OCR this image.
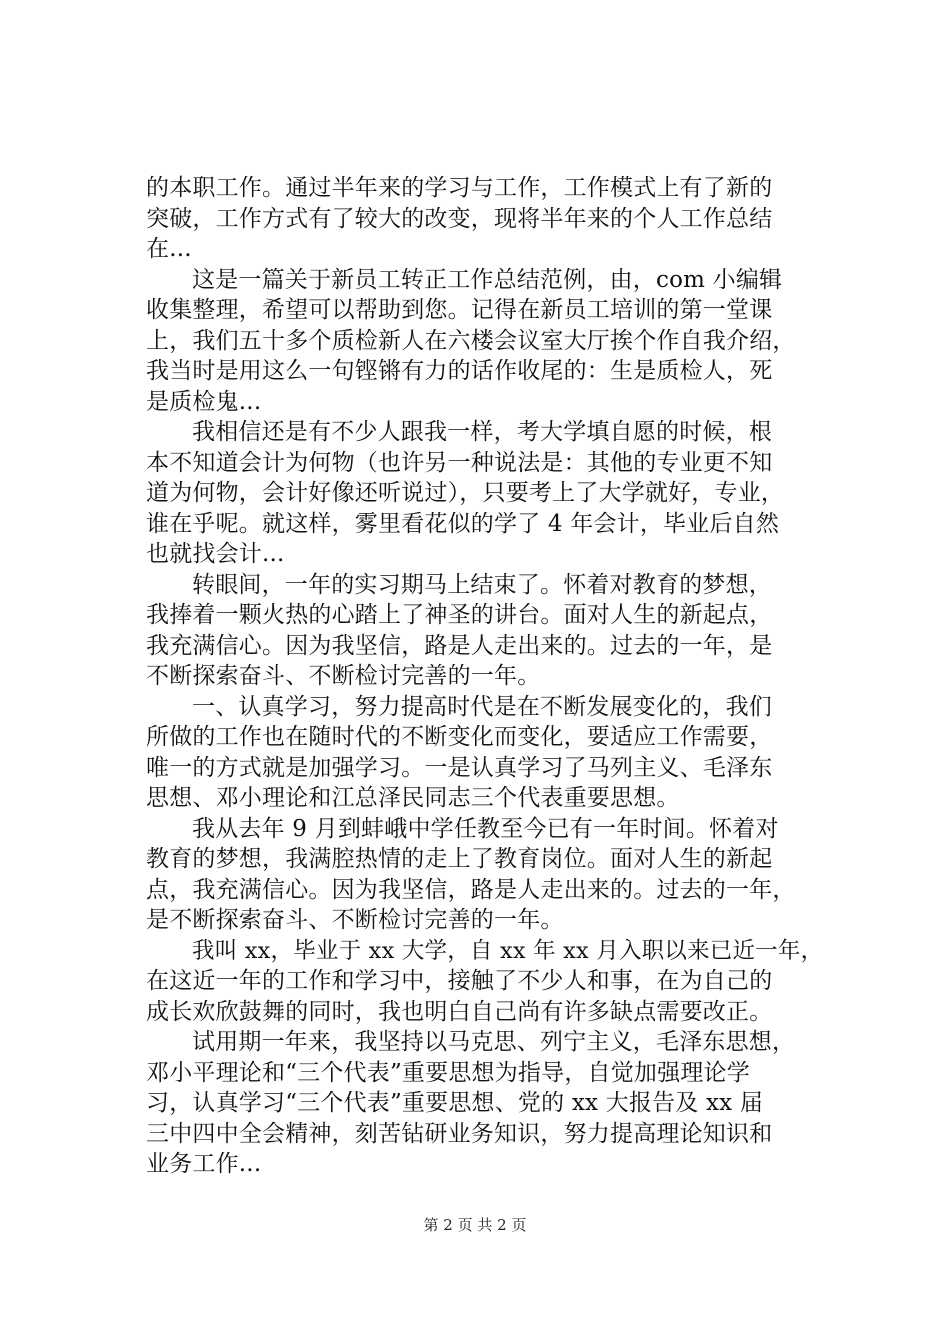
的本职工作。通过半年来的学习与工作，工作模式上有了新的
突破，工作方式有了较大的改变，现将半年来的个人工作总结
在...
这是一篇关于新员工转正工作总结范例，由，com 小编辑
收集整理，希望可以帮助到您。记得在新员工培训的第一堂课
上，我们五十多个质检新人在六楼会议室大厅挨个作自我介绍，
我当时是用这么一句铿锵有力的话作收尾的：生是质检人，死
是质检鬼...
我相信还是有不少人跟我一样，考大学填自愿的时候，根
本不知道会计为何物（也许另一种说法是：其他的专业更不知
道为何物，会计好像还听说过），只要考上了大学就好，专业，
谁在乎呢。就这样，雾里看花似的学了 4 年会计，毕业后自然
也就找会计...
转眼间，一年的实习期马上结束了。怀着对教育的梦想，
我捧着一颗火热的心踏上了神圣的讲台。面对人生的新起点，
我充满信心。因为我坚信，路是人走出来的。过去的一年，是
不断探索奋斗、不断检讨完善的一年。
一、认真学习，努力提高时代是在不断发展变化的，我们
所做的工作也在随时代的不断变化而变化，要适应工作需要，
唯一的方式就是加强学习。一是认真学习了马列主义、毛泽东
思想、邓小理论和江总泽民同志三个代表重要思想。
我从去年 9 月到蚌峨中学任教至今已有一年时间。怀着对
教育的梦想，我满腔热情的走上了教育岗位。面对人生的新起
点，我充满信心。因为我坚信，路是人走出来的。过去的一年，
是不断探索奋斗、不断检讨完善的一年。
我叫 xx，毕业于 xx 大学，自 xx 年 xx 月入职以来已近一年，
在这近一年的工作和学习中，接触了不少人和事，在为自己的
成长欢欣鼓舞的同时，我也明白自己尚有许多缺点需要改正。
试用期一年来，我坚持以马克思、列宁主义，毛泽东思想，
邓小平理论和“三个代表”重要思想为指导，自觉加强理论学
习，认真学习“三个代表”重要思想、党的 xx 大报告及 xx 届
三中四中全会精神，刻苦钻研业务知识，努力提高理论知识和
业务工作...
第 2 页 共 2 页
